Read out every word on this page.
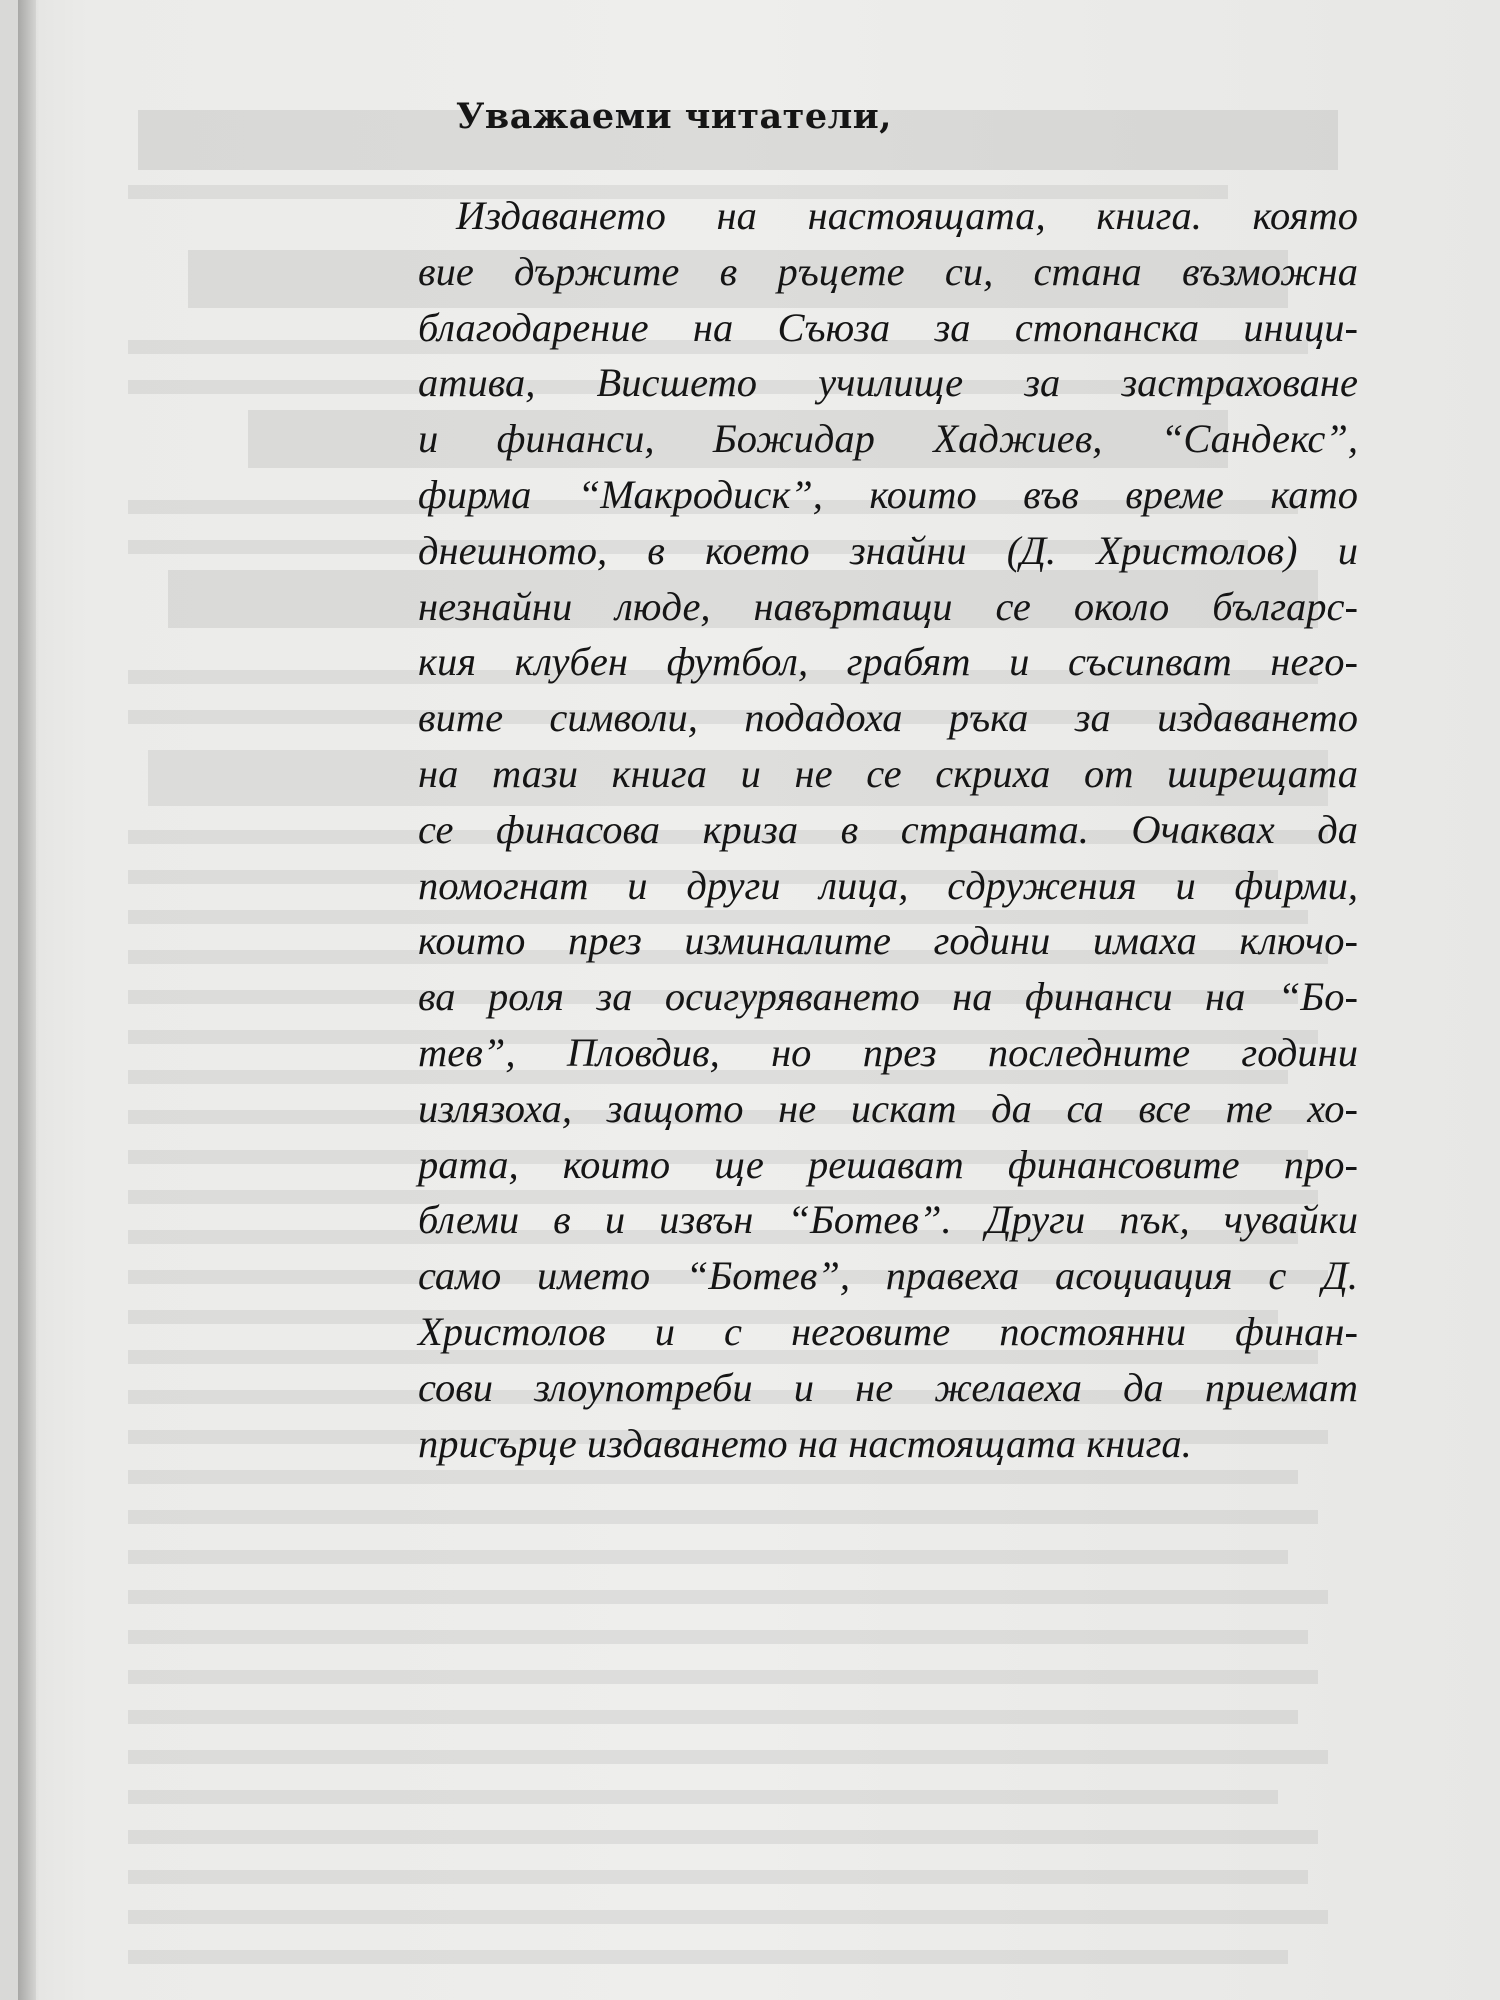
Уважаеми читатели,
Издаването на настоящата, книга. която
вие държите в ръцете си, стана възможна
благодарение на Съюза за стопанска иници-
атива, Висшето училище за застраховане
и финанси, Божидар Хаджиев, “Сандекс”,
фирма “Макродиск”, които във време като
днешното, в което знайни (Д. Христолов) и
незнайни люде, навъртащи се около българс-
кия клубен футбол, грабят и съсипват него-
вите символи, подадоха ръка за издаването
на тази книга и не се скриха от ширещата
се финасова криза в страната. Очаквах да
помогнат и други лица, сдружения и фирми,
които през изминалите години имаха ключо-
ва роля за осигуряването на финанси на “Бо-
тев”, Пловдив, но през последните години
излязоха, защото не искат да са все те хо-
рата, които ще решават финансовите про-
блеми в и извън “Ботев”. Други пък, чувайки
само името “Ботев”, правеха асоциация с Д.
Христолов и с неговите постоянни финан-
сови злоупотреби и не желаеха да приемат
присърце издаването на настоящата книга.
